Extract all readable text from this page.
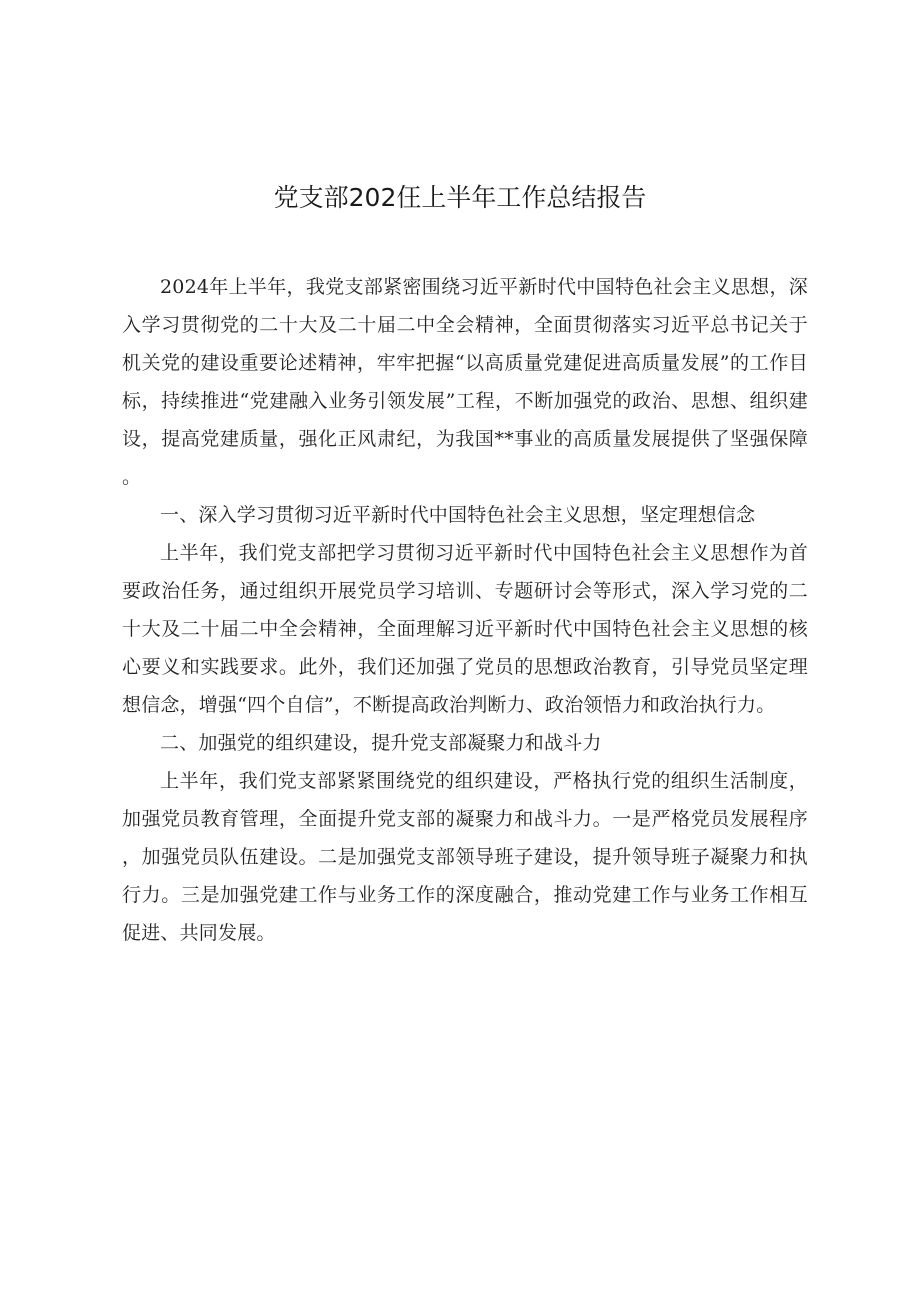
党支部202仼上半年工作总结报告

2024年上半年，我党支部紧密围绕习近平新时代中国特色社会主义思想，深入学习贯彻党的二十大及二十届二中全会精神，全面贯彻落实习近平总书记关于机关党的建设重要论述精神，牢牢把握“以高质量党建促进高质量发展”的工作目标，持续推进“党建融入业务引领发展”工程，不断加强党的政治、思想、组织建设，提高党建质量，强化正风肃纪，为我国**事业的高质量发展提供了坚强保障。

一、深入学习贯彻习近平新时代中国特色社会主义思想，坚定理想信念

上半年，我们党支部把学习贯彻习近平新时代中国特色社会主义思想作为首要政治任务，通过组织开展党员学习培训、专题研讨会等形式，深入学习党的二十大及二十届二中全会精神，全面理解习近平新时代中国特色社会主义思想的核心要义和实践要求。此外，我们还加强了党员的思想政治教育，引导党员坚定理想信念，增强“四个自信”，不断提高政治判断力、政治领悟力和政治执行力。

二、加强党的组织建设，提升党支部凝聚力和战斗力

上半年，我们党支部紧紧围绕党的组织建设，严格执行党的组织生活制度，加强党员教育管理，全面提升党支部的凝聚力和战斗力。一是严格党员发展程序，加强党员队伍建设。二是加强党支部领导班子建设，提升领导班子凝聚力和执行力。三是加强党建工作与业务工作的深度融合，推动党建工作与业务工作相互促进、共同发展。
